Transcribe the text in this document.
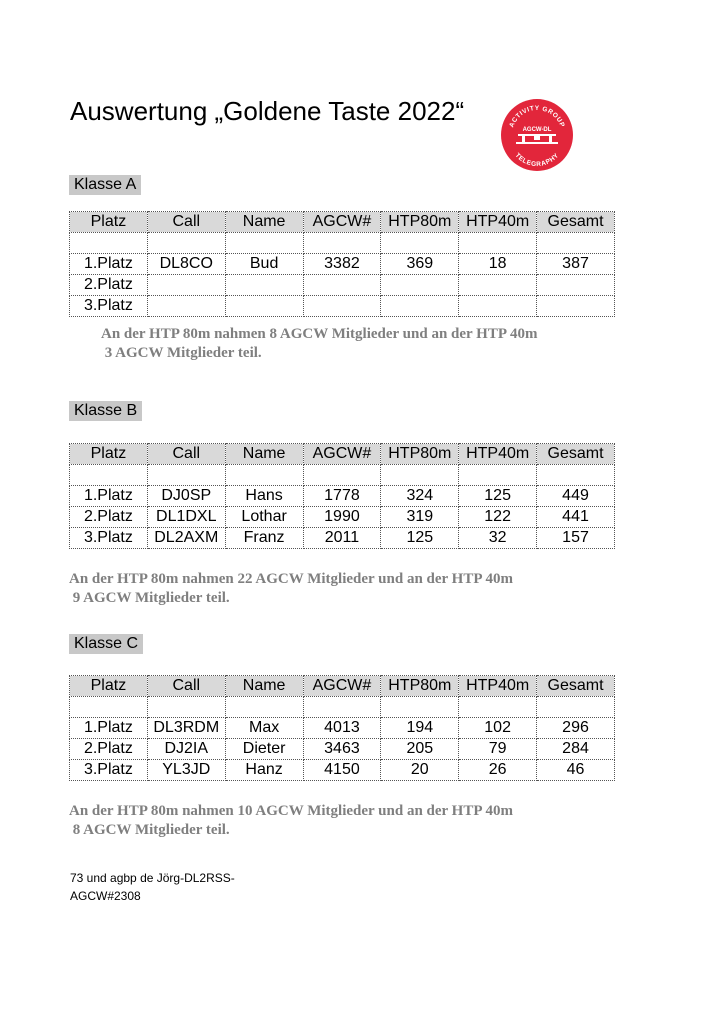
Auswertung „Goldene Taste 2022“	ACTIVITY GROUP
AGCW-DL
TELEGRAPHY
Klasse A
Platz	Call	Name	AGCW#	HTP80m	HTP40m	Gesamt

1.Platz	DL8CO	Bud	3382	369	18	387
2.Platz						
3.Platz						
An der HTP 80m nahmen 8 AGCW Mitglieder und an der HTP 40m
3 AGCW Mitglieder teil.
Klasse B
Platz	Call	Name	AGCW#	HTP80m	HTP40m	Gesamt

1.Platz	DJ0SP	Hans	1778	324	125	449
2.Platz	DL1DXL	Lothar	1990	319	122	441
3.Platz	DL2AXM	Franz	2011	125	32	157
An der HTP 80m nahmen 22 AGCW Mitglieder und an der HTP 40m
9 AGCW Mitglieder teil.
Klasse C
Platz	Call	Name	AGCW#	HTP80m	HTP40m	Gesamt

1.Platz	DL3RDM	Max	4013	194	102	296
2.Platz	DJ2IA	Dieter	3463	205	79	284
3.Platz	YL3JD	Hanz	4150	20	26	46
An der HTP 80m nahmen 10 AGCW Mitglieder und an der HTP 40m
8 AGCW Mitglieder teil.
73 und agbp de Jörg-DL2RSS-
AGCW#2308
